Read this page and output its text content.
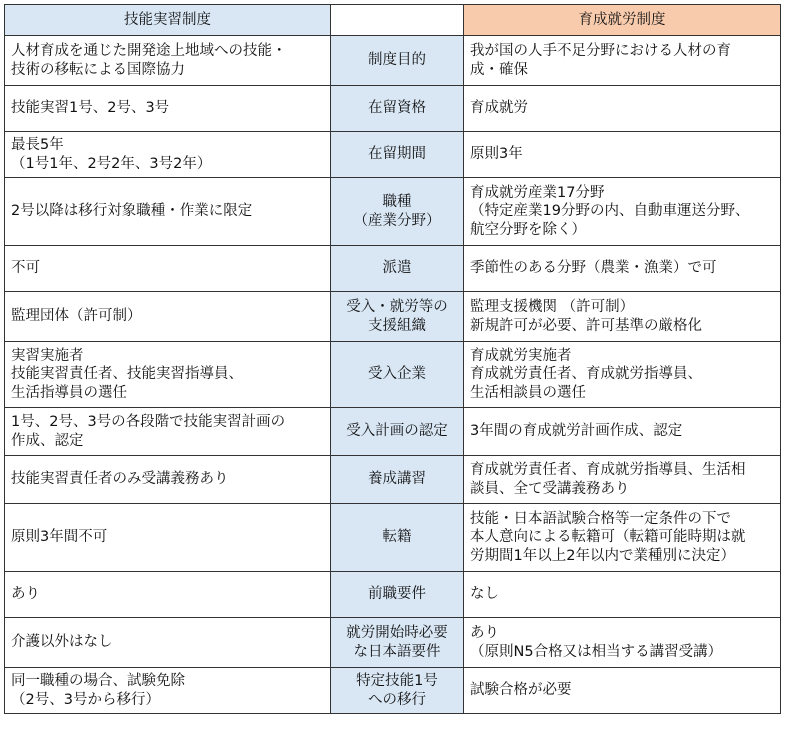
技能実習制度		育成就労制度
人材育成を通じた開発途上地域への技能・
技術の移転による国際協力	制度目的	我が国の人手不足分野における人材の育
成・確保
技能実習1号、2号、3号	在留資格	育成就労
最長5年
（1号1年、2号2年、3号2年）	在留期間	原則3年
2号以降は移行対象職種・作業に限定	職種
（産業分野）	育成就労産業17分野
（特定産業19分野の内、自動車運送分野、
航空分野を除く）
不可	派遣	季節性のある分野（農業・漁業）で可
監理団体（許可制）	受入・就労等の
支援組織	監理支援機関 （許可制）
新規許可が必要、許可基準の厳格化
実習実施者
技能実習責任者、技能実習指導員、
生活指導員の選任	受入企業	育成就労実施者
育成就労責任者、育成就労指導員、
生活相談員の選任
1号、2号、3号の各段階で技能実習計画の
作成、認定	受入計画の認定	3年間の育成就労計画作成、認定
技能実習責任者のみ受講義務あり	養成講習	育成就労責任者、育成就労指導員、生活相
談員、全て受講義務あり
原則3年間不可	転籍	技能・日本語試験合格等一定条件の下で
本人意向による転籍可（転籍可能時期は就
労期間1年以上2年以内で業種別に決定）
あり	前職要件	なし
介護以外はなし	就労開始時必要
な日本語要件	あり
（原則N5合格又は相当する講習受講）
同一職種の場合、試験免除
（2号、3号から移行）	特定技能1号
への移行	試験合格が必要
